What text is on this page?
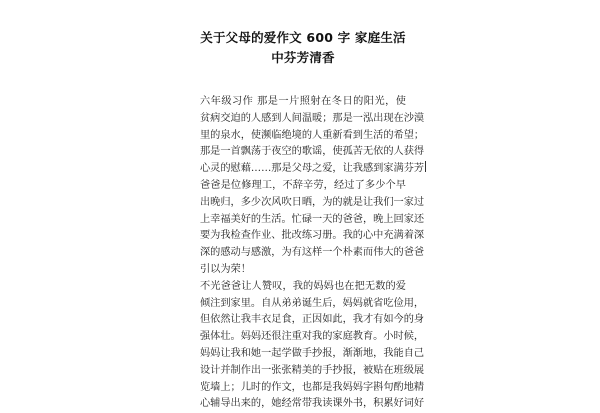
关于父母的爱作文 600 字 家庭生活
中芬芳清香
六年级习作 那是一片照射在冬日的阳光，使
贫病交迫的人感到人间温暖；那是一泓出现在沙漠
里的泉水，使濒临绝境的人重新看到生活的希望；
那是一首飘荡于夜空的歌谣，使孤苦无依的人获得
心灵的慰藉……那是父母之爱，让我感到家满芬芳
爸爸是位修理工，不辞辛劳，经过了多少个早
出晚归，多少次风吹日晒，为的就是让我们一家过
上幸福美好的生活。忙碌一天的爸爸，晚上回家还
要为我检查作业、批改练习册。我的心中充满着深
深的感动与感激，为有这样一个朴素而伟大的爸爸
引以为荣！
不光爸爸让人赞叹，我的妈妈也在把无数的爱
倾注到家里。自从弟弟诞生后，妈妈就省吃俭用，
但依然让我丰衣足食，正因如此，我才有如今的身
强体壮。妈妈还很注重对我的家庭教育。小时候，
妈妈让我和她一起学做手抄报，渐渐地，我能自己
设计并制作出一张张精美的手抄报，被贴在班级展
览墙上；儿时的作文，也都是我妈妈字斟句酌地精
心辅导出来的，她经常带我读课外书，积累好词好
